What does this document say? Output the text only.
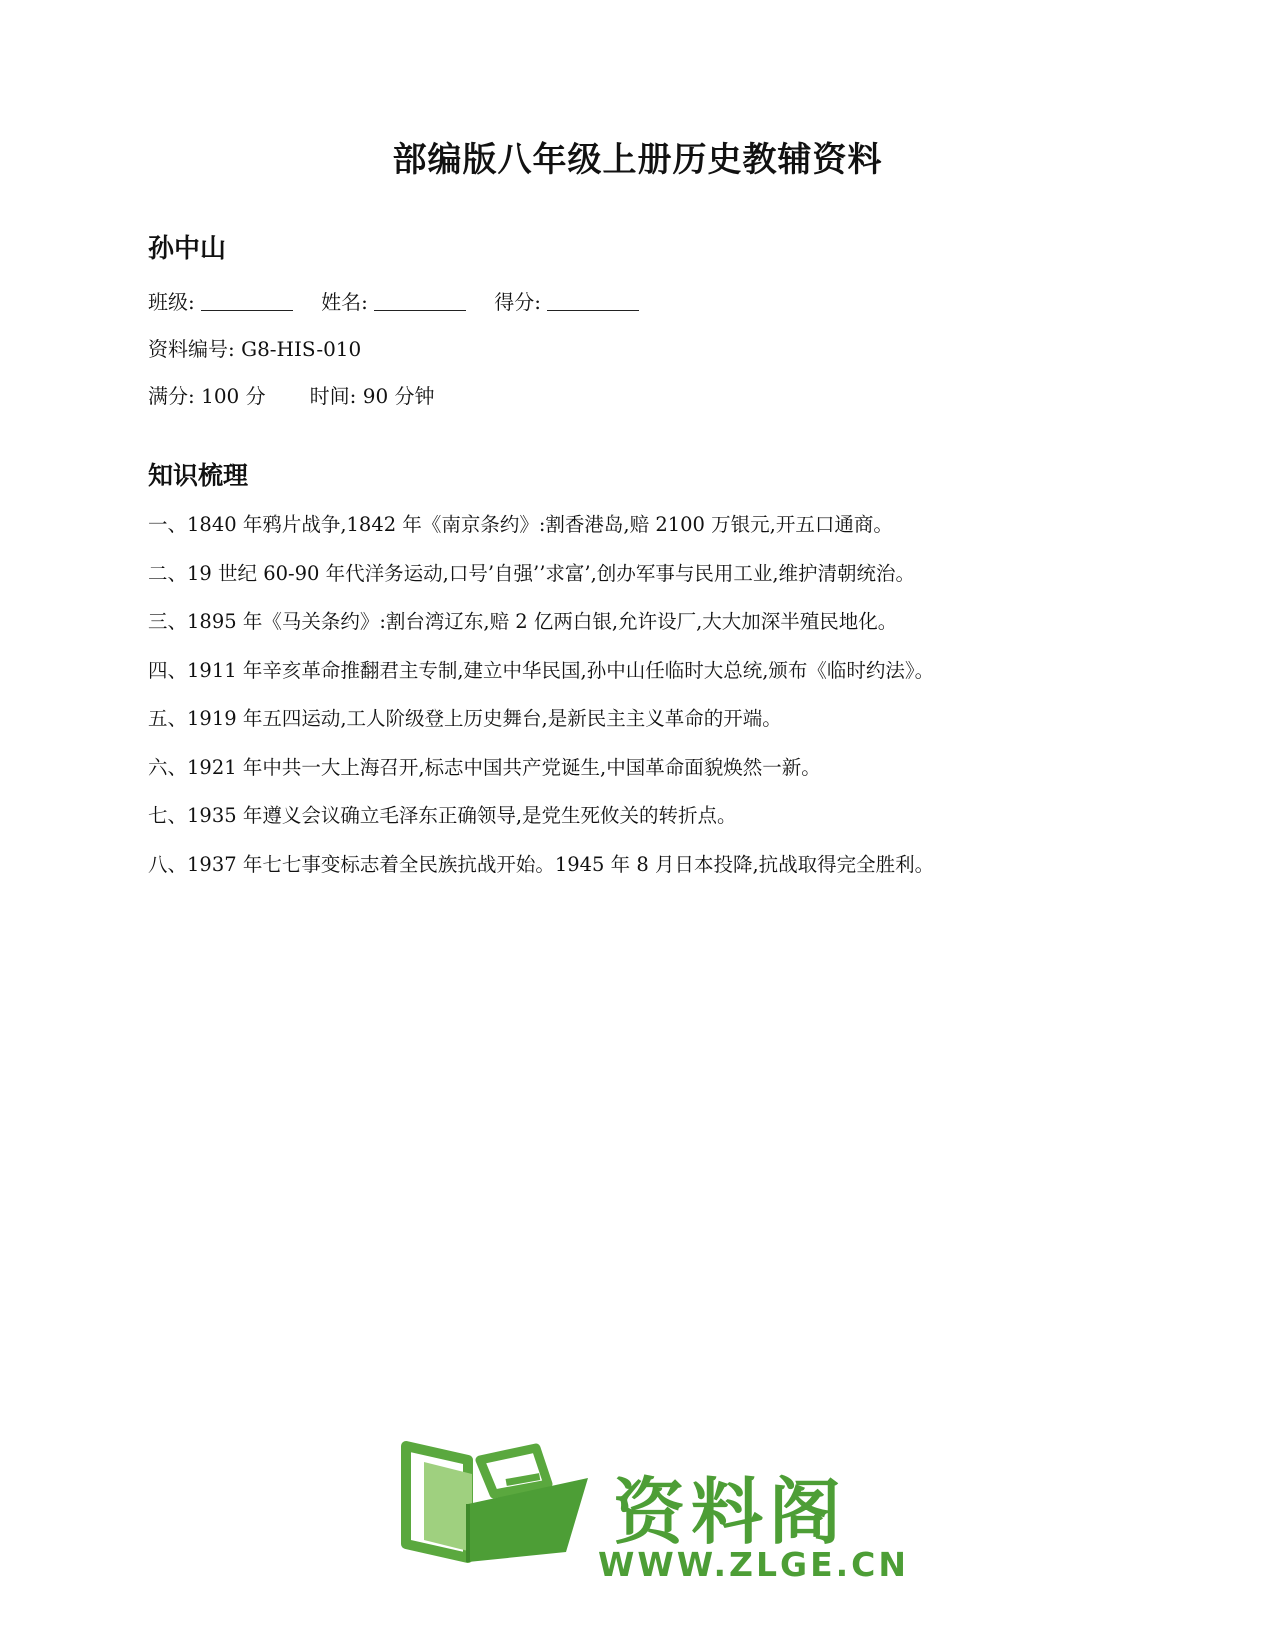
部编版八年级上册历史教辅资料
孙中山
班级:	姓名:	得分:
资料编号: G8-HIS-010
满分: 100 分 时间: 90 分钟
知识梳理
一、1840 年鸦片战争,1842 年《南京条约》:割香港岛,赔 2100 万银元,开五口通商。
二、19 世纪 60-90 年代洋务运动,口号’自强’’求富’,创办军事与民用工业,维护清朝统治。
三、1895 年《马关条约》:割台湾辽东,赔 2 亿两白银,允许设厂,大大加深半殖民地化。
四、1911 年辛亥革命推翻君主专制,建立中华民国,孙中山任临时大总统,颁布《临时约法》。
五、1919 年五四运动,工人阶级登上历史舞台,是新民主主义革命的开端。
六、1921 年中共一大上海召开,标志中国共产党诞生,中国革命面貌焕然一新。
七、1935 年遵义会议确立毛泽东正确领导,是党生死攸关的转折点。
八、1937 年七七事变标志着全民族抗战开始。1945 年 8 月日本投降,抗战取得完全胜利。
资料阁
WWW.ZLGE.CN
